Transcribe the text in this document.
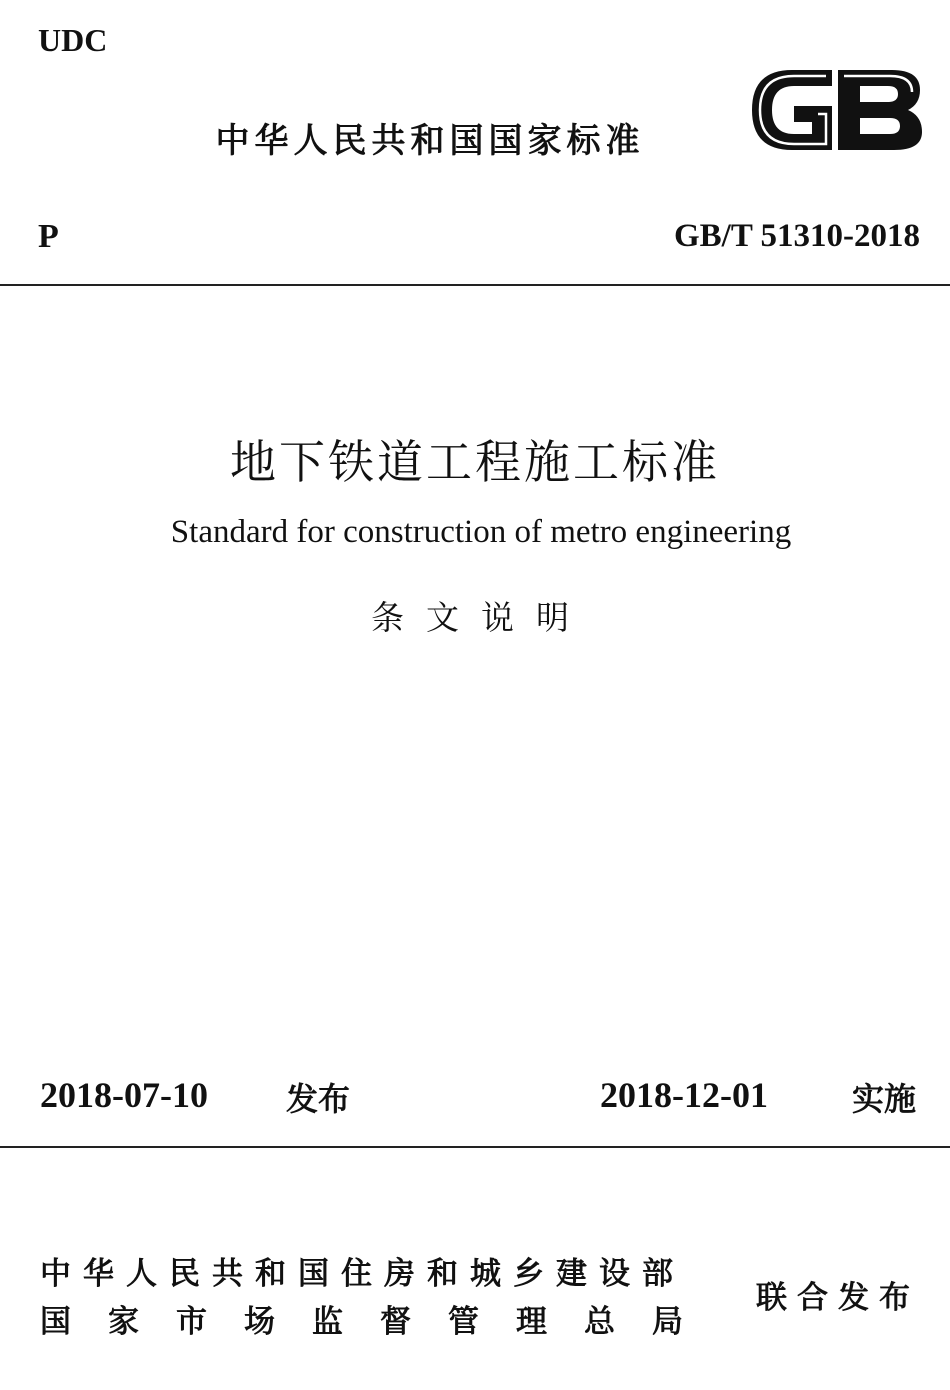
UDC
中华人民共和国国家标准
P	GB/T 51310-2018
地下铁道工程施工标准
Standard for construction of metro engineering
条文说明
2018-07-10 发布	2018-12-01	实施
中华人民共和国住房和城乡建设部
国家市场监督管理总局
联合发布
